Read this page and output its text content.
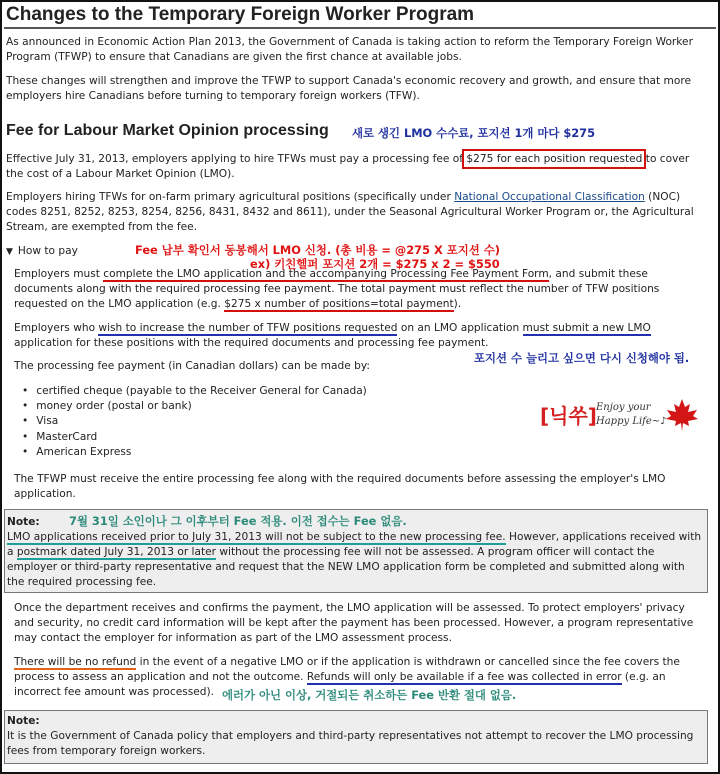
Changes to the Temporary Foreign Worker Program

As announced in Economic Action Plan 2013, the Government of Canada is taking action to reform the Temporary Foreign Worker Program (TFWP) to ensure that Canadians are given the first chance at available jobs.

These changes will strengthen and improve the TFWP to support Canada's economic recovery and growth, and ensure that more employers hire Canadians before turning to temporary foreign workers (TFW).

Fee for Labour Market Opinion processing 새로 생긴 LMO 수수료, 포지션 1개 마다 $275

Effective July 31, 2013, employers applying to hire TFWs must pay a processing fee of $275 for each position requested to cover the cost of a Labour Market Opinion (LMO).

Employers hiring TFWs for on-farm primary agricultural positions (specifically under National Occupational Classification (NOC) codes 8251, 8252, 8253, 8254, 8256, 8431, 8432 and 8611), under the Seasonal Agricultural Worker Program or, the Agricultural Stream, are exempted from the fee.

▼ How to pay	Fee 납부 확인서 동봉해서 LMO 신청. (총 비용 = @275 X 포지션 수)
ex) 키친헬퍼 포지션 2개 = $275 x 2 = $550

Employers must complete the LMO application and the accompanying Processing Fee Payment Form, and submit these documents along with the required processing fee payment. The total payment must reflect the number of TFW positions requested on the LMO application (e.g. $275 x number of positions=total payment).

Employers who wish to increase the number of TFW positions requested on an LMO application must submit a new LMO application for these positions with the required documents and processing fee payment.

포지션 수 늘리고 싶으면 다시 신청해야 됨.

The processing fee payment (in Canadian dollars) can be made by:

• certified cheque (payable to the Receiver General for Canada)
• money order (postal or bank)
• Visa
• MasterCard
• American Express
[닉쑤] Enjoy your
Happy Life~♪

The TFWP must receive the entire processing fee along with the required documents before assessing the employer's LMO application.

Note:	7월 31일 소인이나 그 이후부터 Fee 적용. 이전 접수는 Fee 없음.
LMO applications received prior to July 31, 2013 will not be subject to the new processing fee. However, applications received with a postmark dated July 31, 2013 or later without the processing fee will not be assessed. A program officer will contact the employer or third-party representative and request that the NEW LMO application form be completed and submitted along with the required processing fee.

Once the department receives and confirms the payment, the LMO application will be assessed. To protect employers' privacy and security, no credit card information will be kept after the payment has been processed. However, a program representative may contact the employer for information as part of the LMO assessment process.

There will be no refund in the event of a negative LMO or if the application is withdrawn or cancelled since the fee covers the process to assess an application and not the outcome. Refunds will only be available if a fee was collected in error (e.g. an incorrect fee amount was processed). 에러가 아닌 이상, 거절되든 취소하든 Fee 반환 절대 없음.
Note:
It is the Government of Canada policy that employers and third-party representatives not attempt to recover the LMO processing fees from temporary foreign workers.
